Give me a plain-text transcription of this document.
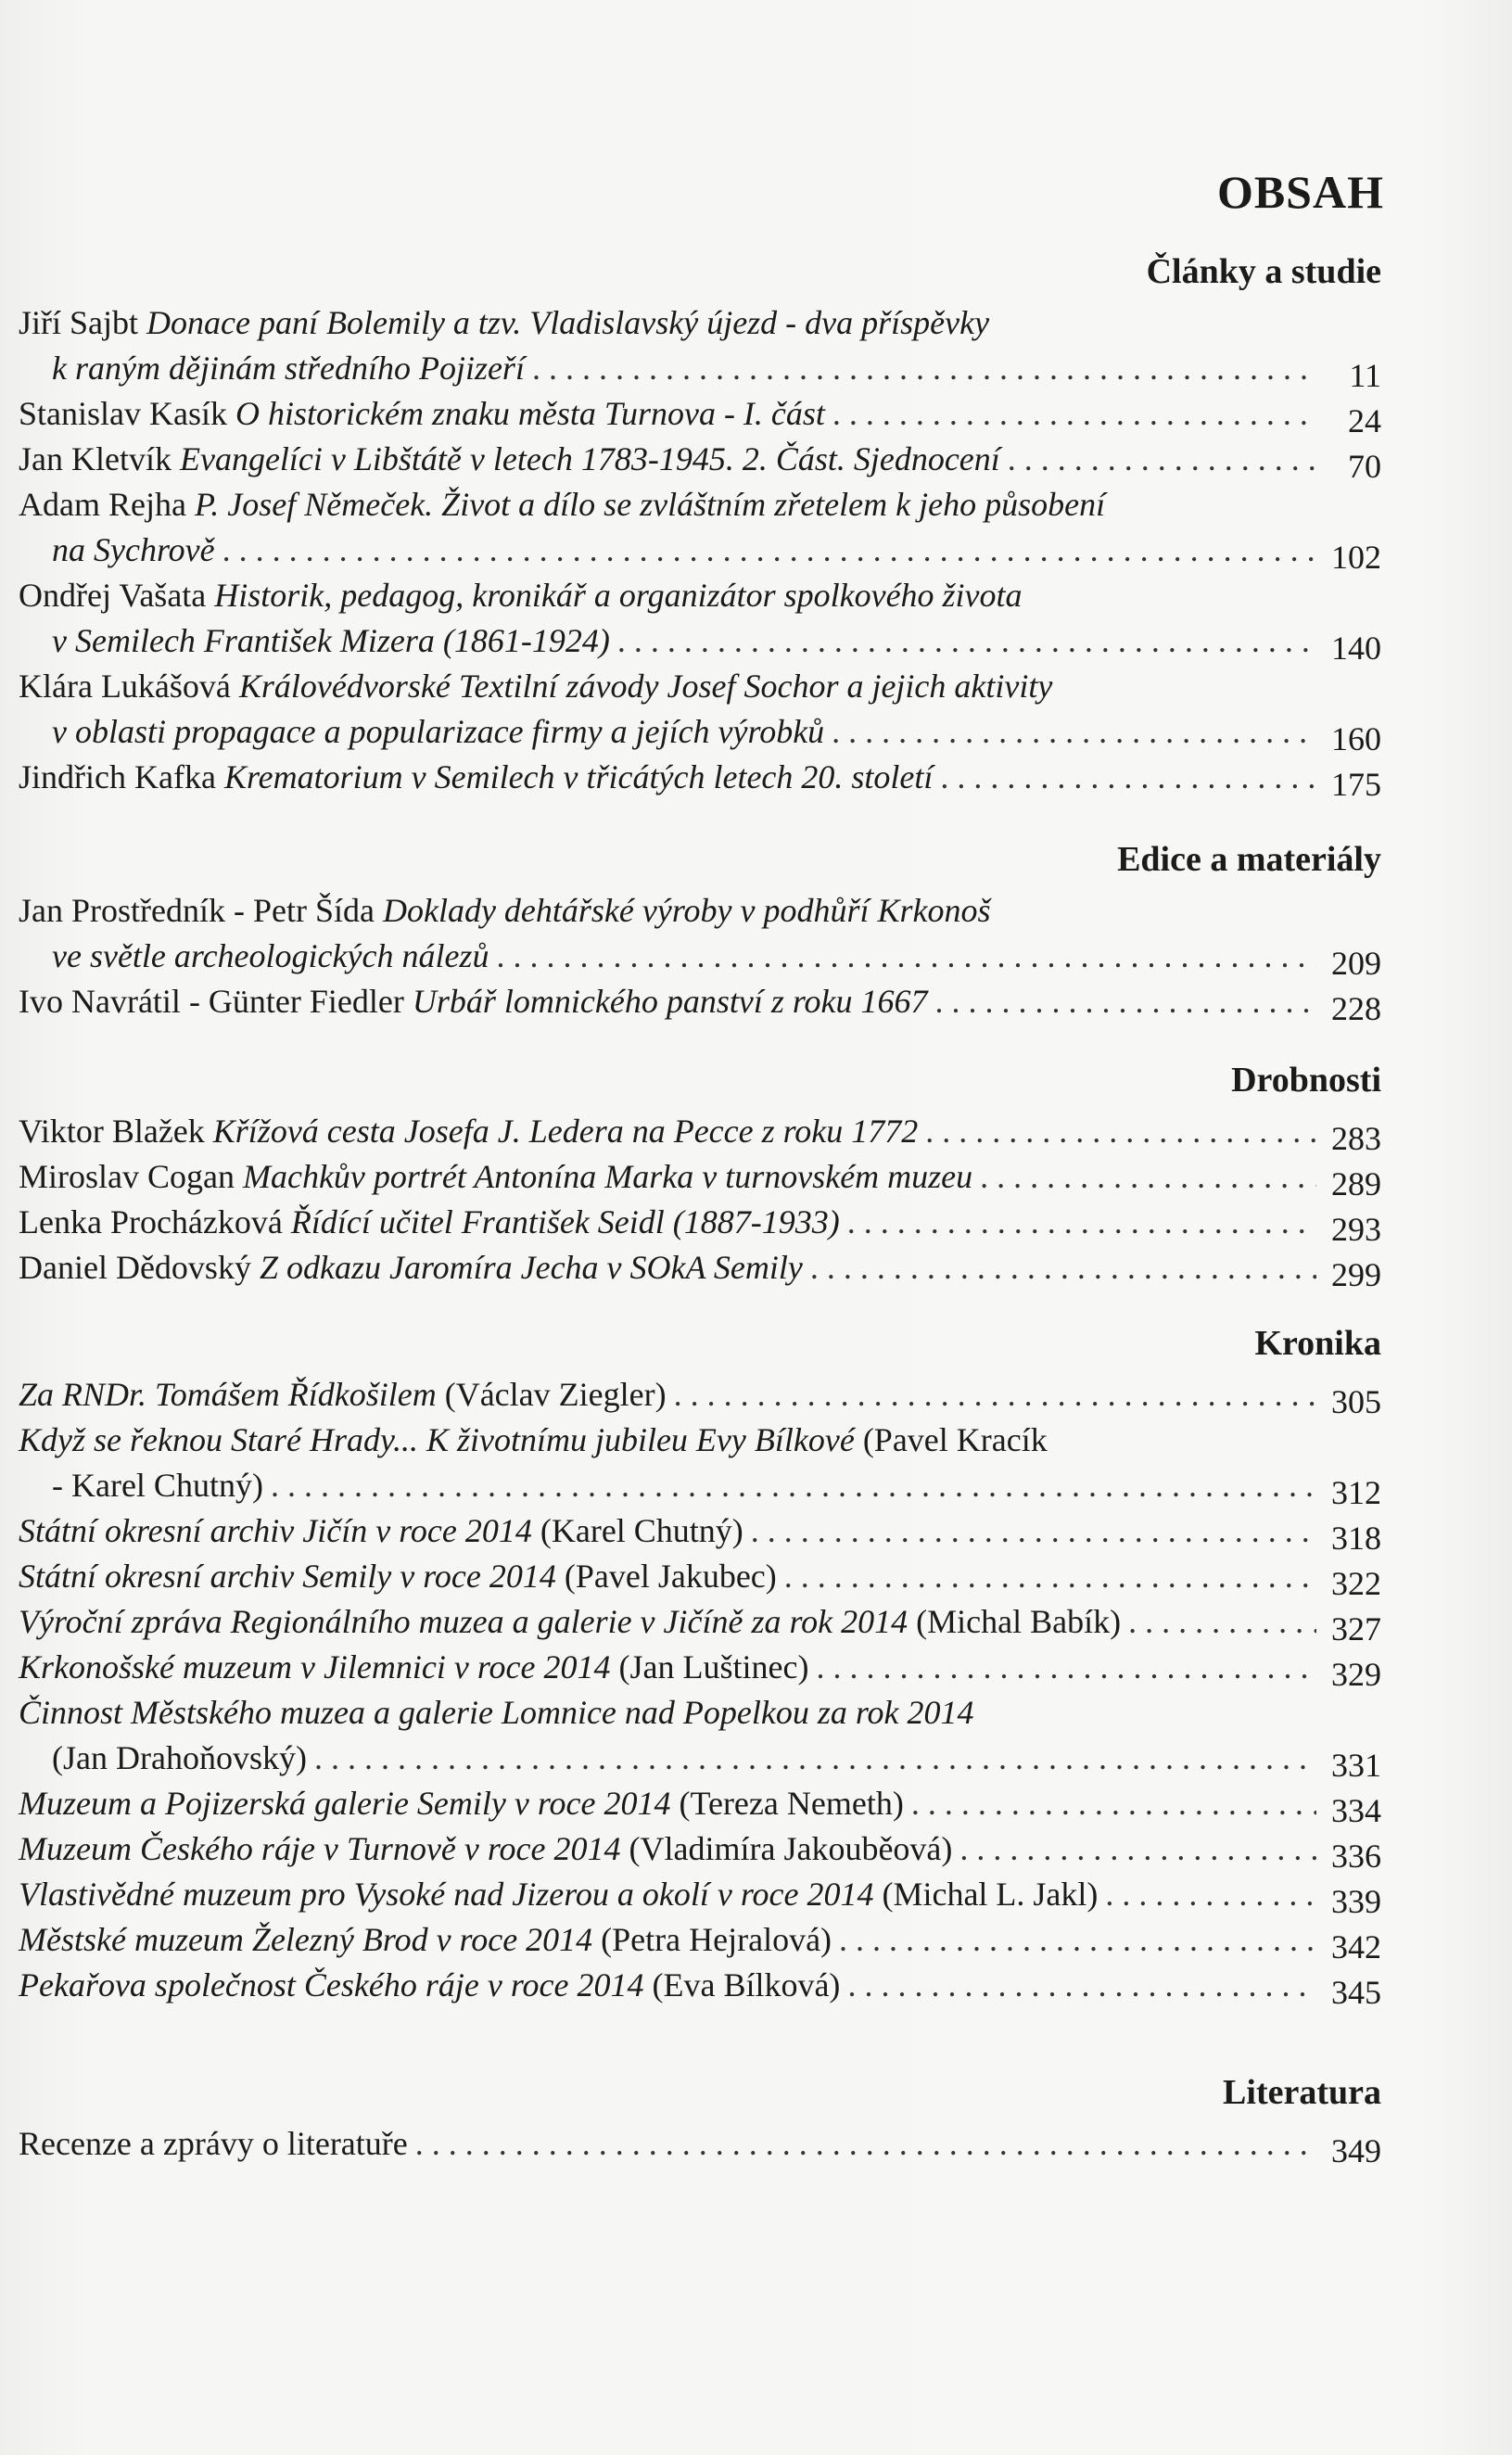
OBSAH
Články a studie
Jiří Sajbt
Donace paní Bolemily a tzv. Vladislavský újezd - dva příspěvky
k raným dějinám středního Pojizeří . . .	11
Stanislav Kasík
O historickém znaku města Turnova - I. část . . .	24
Jan Kletvík
Evangelíci v Libštátě v letech 1783-1945. 2. Část. Sjednocení . . .	70
Adam Rejha
P. Josef Němeček. Život a dílo se zvláštním zřetelem k jeho působení
na Sychrově . . .	102
Ondřej Vašata
Historik, pedagog, kronikář a organizátor spolkového života
v Semilech František Mizera (1861-1924) . . .	140
Klára Lukášová
Královédvorské Textilní závody Josef Sochor a jejich aktivity
v oblasti propagace a popularizace firmy a jejích výrobků . . .	160
Jindřich Kafka
Krematorium v Semilech v třicátých letech 20. století . . .	175
Edice a materiály
Jan Prostředník - Petr Šída
Doklady dehtářské výroby v podhůří Krkonoš
ve světle archeologických nálezů . . .	209
Ivo Navrátil - Günter Fiedler
Urbář lomnického panství z roku 1667 . . .	228
Drobnosti
Viktor Blažek
Křížová cesta Josefa J. Ledera na Pecce z roku 1772 . . .	283
Miroslav Cogan
Machkův portrét Antonína Marka v turnovském muzeu . . .	289
Lenka Procházková
Řídící učitel František Seidl (1887-1933) . . .	293
Daniel Dědovský
Z odkazu Jaromíra Jecha v SOkA Semily . . .	299
Kronika
Za RNDr. Tomášem Řídkošilem
(Václav Ziegler) . . .	305
Když se řeknou Staré Hrady... K životnímu jubileu Evy Bílkové
(Pavel Kracík
- Karel Chutný) . . .	312
Státní okresní archiv Jičín v roce 2014
(Karel Chutný) . . .	318
Státní okresní archiv Semily v roce 2014
(Pavel Jakubec) . . .	322
Výroční zpráva Regionálního muzea a galerie v Jičíně za rok 2014
(Michal Babík) . . .	327
Krkonošské muzeum v Jilemnici v roce 2014
(Jan Luštinec) . . .	329
Činnost Městského muzea a galerie Lomnice nad Popelkou za rok 2014
(Jan Drahoňovský) . . .	331
Muzeum a Pojizerská galerie Semily v roce 2014
(Tereza Nemeth) . . .	334
Muzeum Českého ráje v Turnově v roce 2014
(Vladimíra Jakouběová) . . .	336
Vlastivědné muzeum pro Vysoké nad Jizerou a okolí v roce 2014
(Michal L. Jakl) . . .	339
Městské muzeum Železný Brod v roce 2014
(Petra Hejralová) . . .	342
Pekařova společnost Českého ráje v roce 2014
(Eva Bílková) . . .	345
Literatura
Recenze a zprávy o literatuře . . .	349
